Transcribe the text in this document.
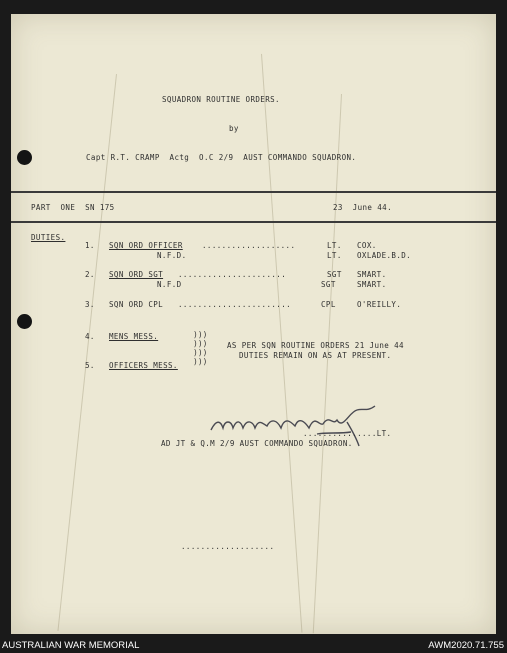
SQUADRON ROUTINE ORDERS.
by
Capt R.T. CRAMP  Actg  O.C 2/9  AUST COMMANDO SQUADRON.
PART  ONE  SN 175	23  June 44.
DUTIES.
1. SQN ORD OFFICER	...................	LT. COX.
N.F.D.	LT. OXLADE.B.D.
2. SQN ORD SGT ......................	SGT SMART.
N.F.D	SGT	SMART.
3. SQN ORD CPL .......................	CPL	O'REILLY.
4. MENS MESS.
5. OFFICERS MESS.
)))
)))
)))
)))
AS PER SQN ROUTINE ORDERS 21 June 44
DUTIES REMAIN ON AS AT PRESENT.
...............LT.
AD JT & Q.M 2/9 AUST COMMANDO SQUADRON.
...................
AUSTRALIAN WAR MEMORIAL	AWM2020.71.755
